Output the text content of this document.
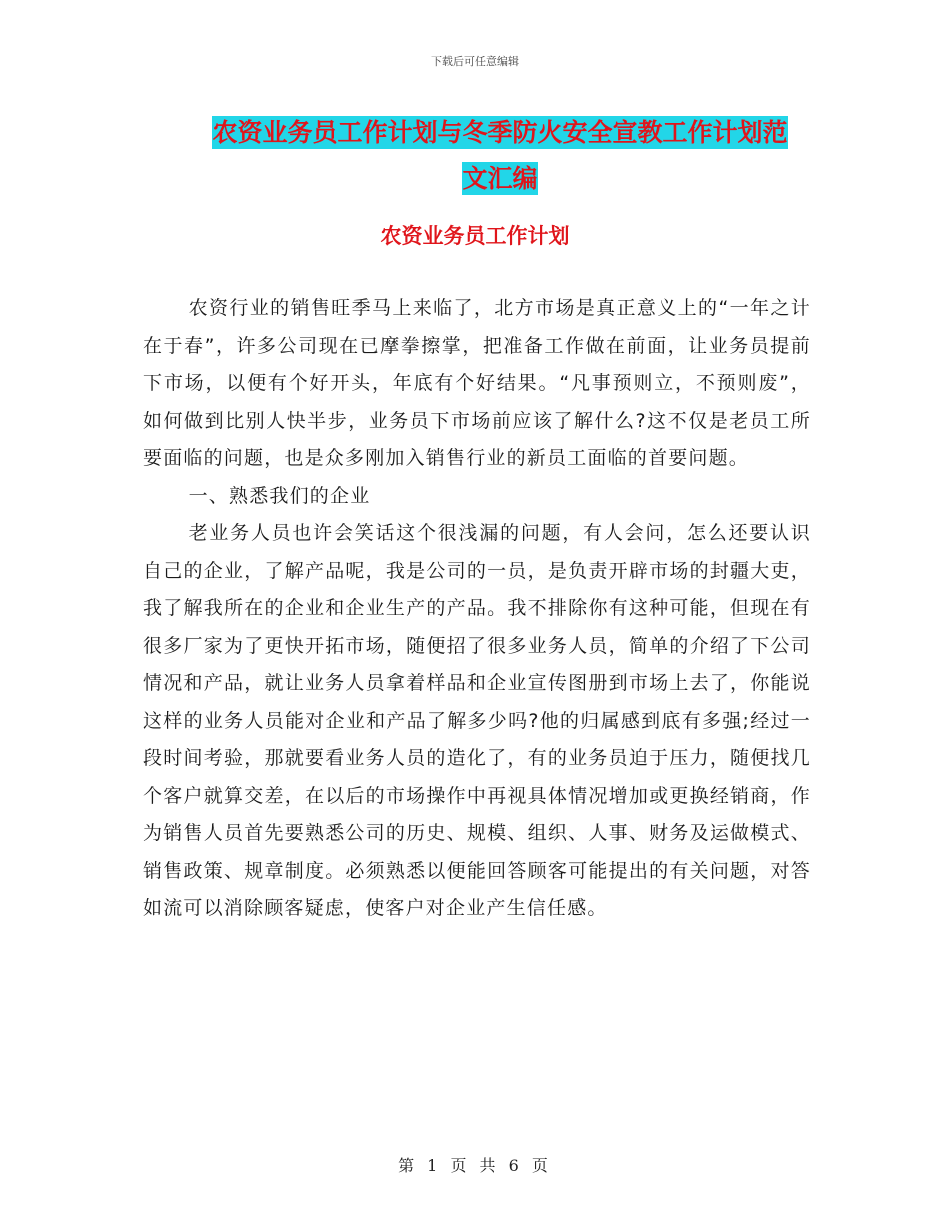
下载后可任意编辑
农资业务员工作计划与冬季防火安全宣教工作计划范
文汇编
农资业务员工作计划

农资行业的销售旺季马上来临了，北方市场是真正意义上的“一年之计在于春”，许多公司现在已摩拳擦掌，把准备工作做在前面，让业务员提前下市场，以便有个好开头，年底有个好结果。“凡事预则立，不预则废”，如何做到比别人快半步，业务员下市场前应该了解什么?这不仅是老员工所要面临的问题，也是众多刚加入销售行业的新员工面临的首要问题。

一、熟悉我们的企业

老业务人员也许会笑话这个很浅漏的问题，有人会问，怎么还要认识自己的企业，了解产品呢，我是公司的一员，是负责开辟市场的封疆大吏，我了解我所在的企业和企业生产的产品。我不排除你有这种可能，但现在有很多厂家为了更快开拓市场，随便招了很多业务人员，简单的介绍了下公司情况和产品，就让业务人员拿着样品和企业宣传图册到市场上去了，你能说这样的业务人员能对企业和产品了解多少吗?他的归属感到底有多强;经过一段时间考验，那就要看业务人员的造化了，有的业务员迫于压力，随便找几个客户就算交差，在以后的市场操作中再视具体情况增加或更换经销商，作为销售人员首先要熟悉公司的历史、规模、组织、人事、财务及运做模式、销售政策、规章制度。必须熟悉以便能回答顾客可能提出的有关问题，对答如流可以消除顾客疑虑，使客户对企业产生信任感。

第 1 页 共 6 页
